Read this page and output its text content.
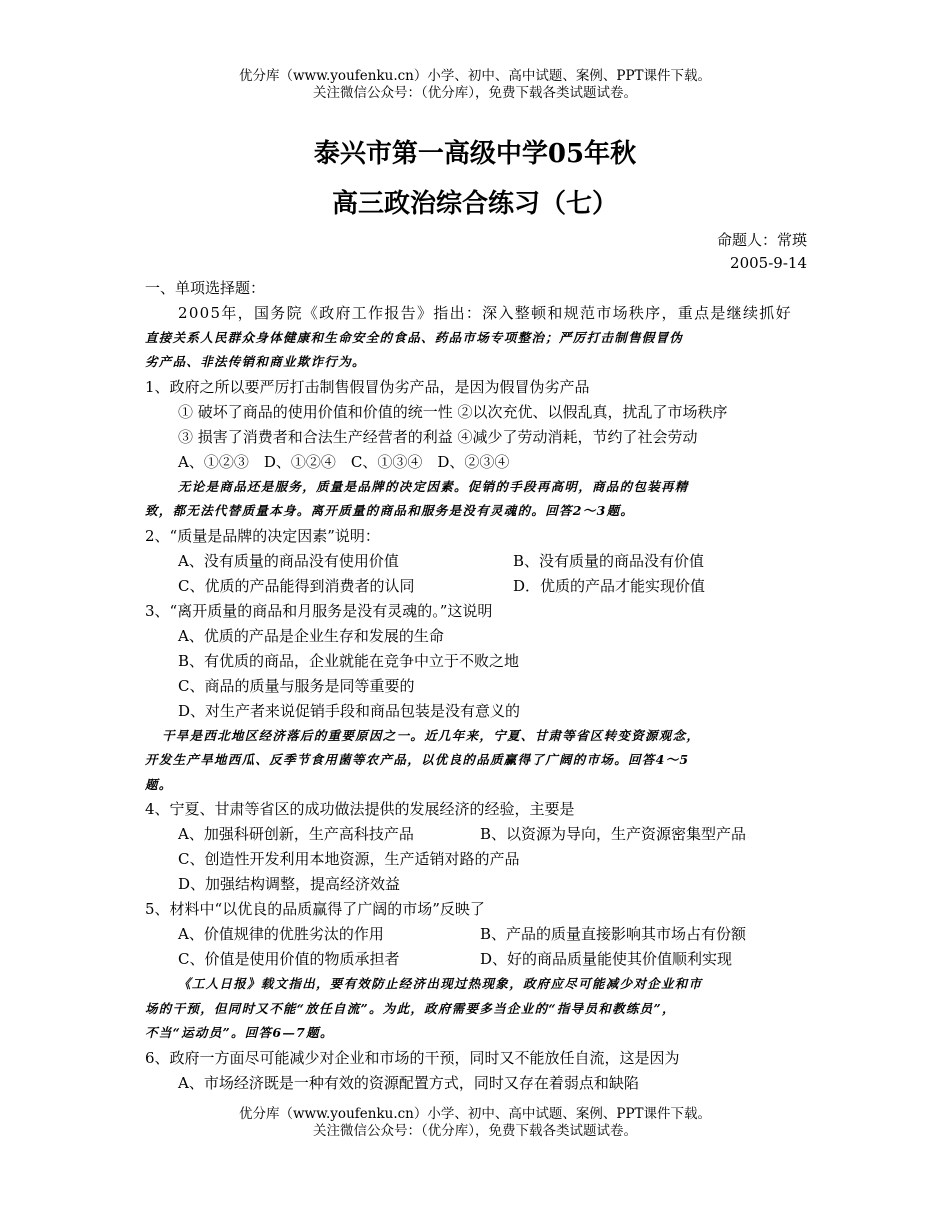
优分库（www.youfenku.cn）小学、初中、高中试题、案例、PPT课件下载。
关注微信公众号：（优分库），免费下载各类试题试卷。
泰兴市第一高级中学05年秋
高三政治综合练习（七）
命题人：常瑛
2005-9-14
一、单项选择题：
2005年，国务院《政府工作报告》指出：深入整顿和规范市场秩序，重点是继续抓好
直接关系人民群众身体健康和生命安全的食品、药品市场专项整治；严厉打击制售假冒伪
劣产品、非法传销和商业欺诈行为。
1、政府之所以要严厉打击制售假冒伪劣产品，是因为假冒伪劣产品
① 破坏了商品的使用价值和价值的统一性 ②以次充优、以假乱真，扰乱了市场秩序
③ 损害了消费者和合法生产经营者的利益 ④减少了劳动消耗，节约了社会劳动
A、①②③　D、①②④　C、①③④　D、②③④
无论是商品还是服务，质量是品牌的决定因素。促销的手段再高明，商品的包装再精
致，都无法代替质量本身。离开质量的商品和服务是没有灵魂的。回答2～3题。
2、“质量是品牌的决定因素”说明：
A、没有质量的商品没有使用价值	B、没有质量的商品没有价值
C、优质的产品能得到消费者的认同	D．优质的产品才能实现价值
3、“离开质量的商品和月服务是没有灵魂的。”这说明
A、优质的产品是企业生存和发展的生命
B、有优质的商品，企业就能在竞争中立于不败之地
C、商品的质量与服务是同等重要的
D、对生产者来说促销手段和商品包装是没有意义的
干旱是西北地区经济落后的重要原因之一。近几年来，宁夏、甘肃等省区转变资源观念，
开发生产旱地西瓜、反季节食用菌等农产品，以优良的品质赢得了广阔的市场。回答4～5
题。
4、宁夏、甘肃等省区的成功做法提供的发展经济的经验，主要是
A、加强科研创新，生产高科技产品	B、以资源为导向，生产资源密集型产品
C、创造性开发利用本地资源，生产适销对路的产品
D、加强结构调整，提高经济效益
5、材料中“以优良的品质赢得了广阔的市场”反映了
A、价值规律的优胜劣汰的作用	B、产品的质量直接影响其市场占有份额
C、价值是使用价值的物质承担者	D、好的商品质量能使其价值顺利实现
《工人日报》载文指出，要有效防止经济出现过热现象，政府应尽可能减少对企业和市
场的干预，但同时又不能“放任自流”。为此，政府需要多当企业的“指导员和教练员”，
不当“运动员”。回答6—7题。
6、政府一方面尽可能减少对企业和市场的干预，同时又不能放任自流，这是因为
A、市场经济既是一种有效的资源配置方式，同时又存在着弱点和缺陷
优分库（www.youfenku.cn）小学、初中、高中试题、案例、PPT课件下载。
关注微信公众号：（优分库），免费下载各类试题试卷。
